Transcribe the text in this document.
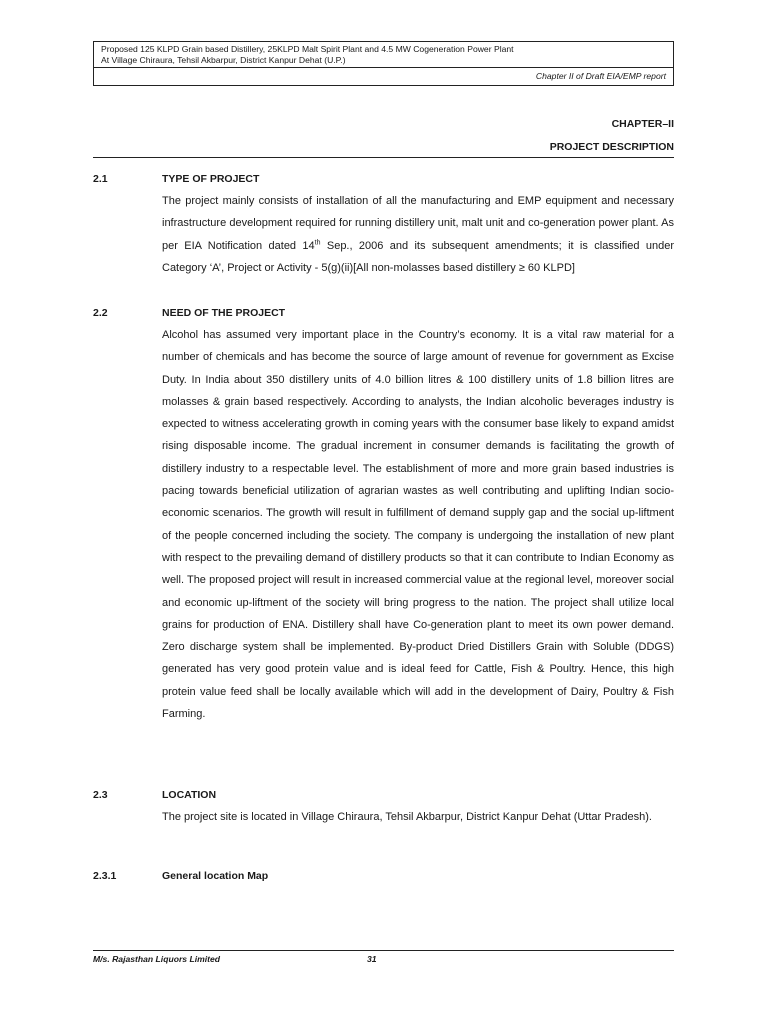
Proposed 125 KLPD Grain based Distillery, 25KLPD Malt Spirit Plant and 4.5 MW Cogeneration Power Plant
At Village Chiraura, Tehsil Akbarpur, District Kanpur Dehat (U.P.)
Chapter II of Draft EIA/EMP report
CHAPTER–II
PROJECT DESCRIPTION
2.1	TYPE OF PROJECT

The project mainly consists of installation of all the manufacturing and EMP equipment and necessary infrastructure development required for running distillery unit, malt unit and co-generation power plant. As per EIA Notification dated 14th Sep., 2006 and its subsequent amendments; it is classified under Category ‘A’, Project or Activity - 5(g)(ii)[All non-molasses based distillery ≥ 60 KLPD]

2.2	NEED OF THE PROJECT

Alcohol has assumed very important place in the Country’s economy. It is a vital raw material for a number of chemicals and has become the source of large amount of revenue for government as Excise Duty. In India about 350 distillery units of 4.0 billion litres & 100 distillery units of 1.8 billion litres are molasses & grain based respectively. According to analysts, the Indian alcoholic beverages industry is expected to witness accelerating growth in coming years with the consumer base likely to expand amidst rising disposable income. The gradual increment in consumer demands is facilitating the growth of distillery industry to a respectable level. The establishment of more and more grain based industries is pacing towards beneficial utilization of agrarian wastes as well contributing and uplifting Indian socio-economic scenarios. The growth will result in fulfillment of demand supply gap and the social up-liftment of the people concerned including the society. The company is undergoing the installation of new plant with respect to the prevailing demand of distillery products so that it can contribute to Indian Economy as well. The proposed project will result in increased commercial value at the regional level, moreover social and economic up-liftment of the society will bring progress to the nation. The project shall utilize local grains for production of ENA. Distillery shall have Co-generation plant to meet its own power demand. Zero discharge system shall be implemented. By-product Dried Distillers Grain with Soluble (DDGS) generated has very good protein value and is ideal feed for Cattle, Fish & Poultry. Hence, this high protein value feed shall be locally available which will add in the development of Dairy, Poultry & Fish Farming.

2.3	LOCATION

The project site is located in Village Chiraura, Tehsil Akbarpur, District Kanpur Dehat (Uttar Pradesh).

2.3.1	General location Map
M/s. Rajasthan Liquors Limited	31
